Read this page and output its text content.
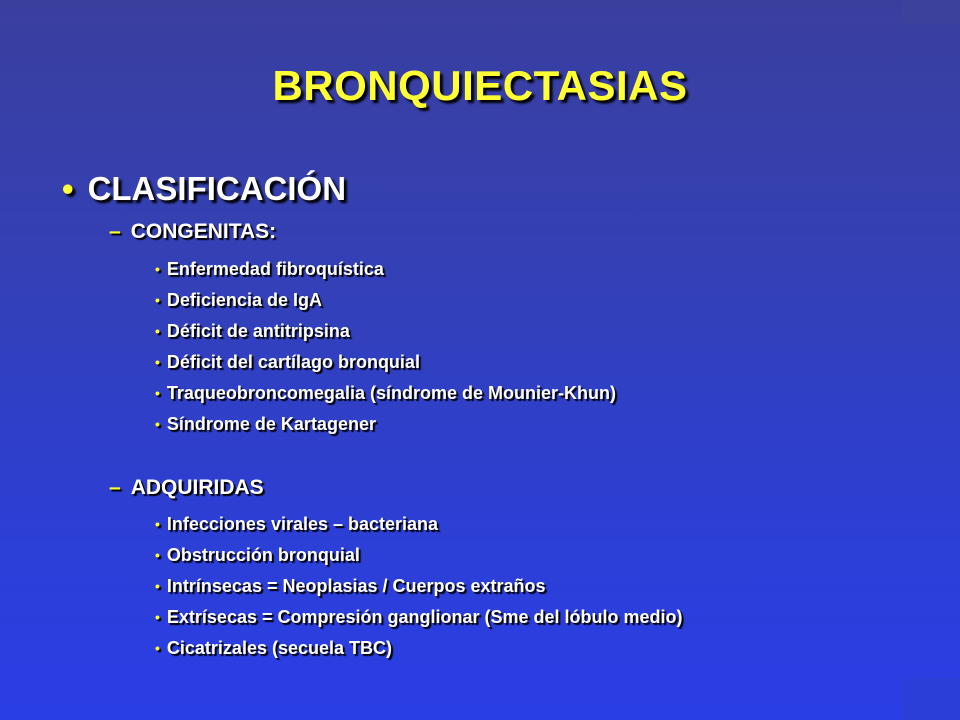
BRONQUIECTASIAS
• CLASIFICACIÓN
– CONGENITAS:
• Enfermedad fibroquística
• Deficiencia de IgA
• Déficit de antitripsina
• Déficit del cartílago bronquial
• Traqueobroncomegalia (síndrome de Mounier-Khun)
• Síndrome de Kartagener
– ADQUIRIDAS
• Infecciones virales – bacteriana
• Obstrucción bronquial
• Intrínsecas = Neoplasias / Cuerpos extraños
• Extrísecas = Compresión ganglionar (Sme del lóbulo medio)
• Cicatrizales (secuela TBC)
